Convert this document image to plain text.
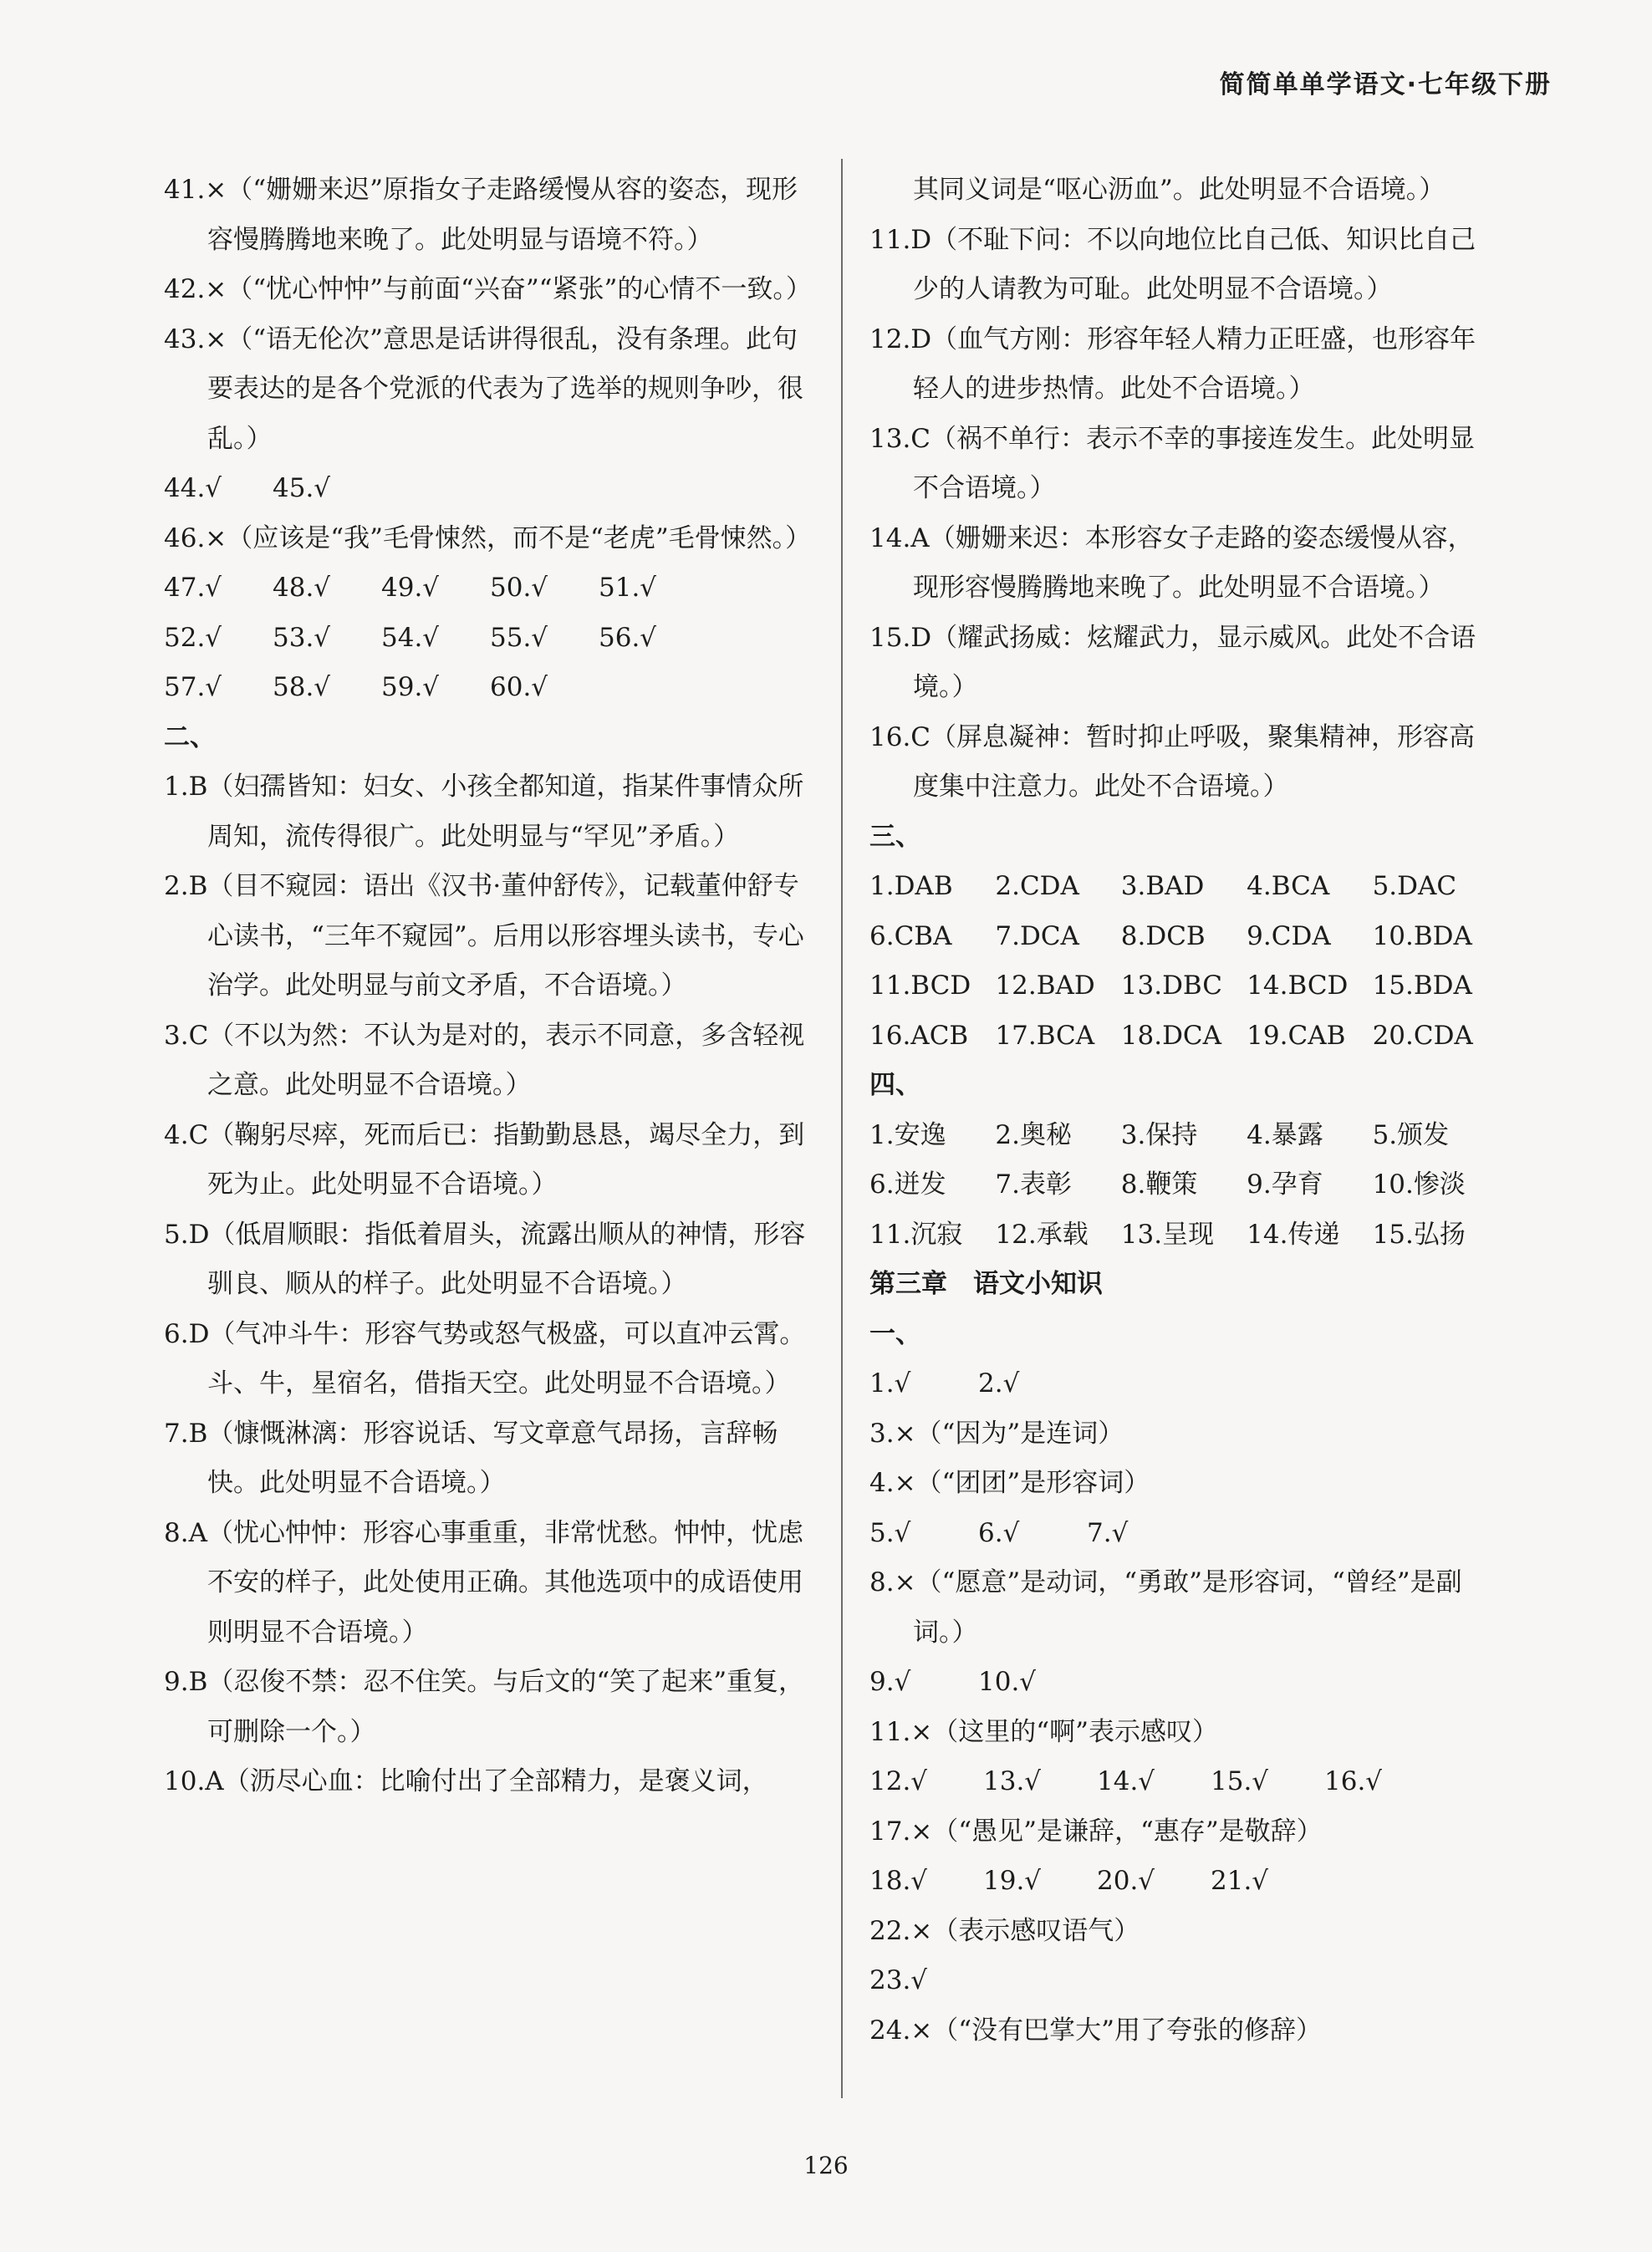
简简单单学语文·七年级下册

41.×（“姗姗来迟”原指女子走路缓慢从容的姿态，现形容慢腾腾地来晚了。此处明显与语境不符。）

42.×（“忧心忡忡”与前面“兴奋”“紧张”的心情不一致。）

43.×（“语无伦次”意思是话讲得很乱，没有条理。此句要表达的是各个党派的代表为了选举的规则争吵，很乱。）

44.√	45.√

46.×（应该是“我”毛骨悚然，而不是“老虎”毛骨悚然。）

47.√	48.√	49.√	50.√	51.√
52.√	53.√	54.√	55.√	56.√
57.√	58.√	59.√	60.√

二、

1.B（妇孺皆知：妇女、小孩全都知道，指某件事情众所周知，流传得很广。此处明显与“罕见”矛盾。）

2.B（目不窥园：语出《汉书·董仲舒传》，记载董仲舒专心读书，“三年不窥园”。后用以形容埋头读书，专心治学。此处明显与前文矛盾，不合语境。）

3.C（不以为然：不认为是对的，表示不同意，多含轻视之意。此处明显不合语境。）

4.C（鞠躬尽瘁，死而后已：指勤勤恳恳，竭尽全力，到死为止。此处明显不合语境。）

5.D（低眉顺眼：指低着眉头，流露出顺从的神情，形容驯良、顺从的样子。此处明显不合语境。）

6.D（气冲斗牛：形容气势或怒气极盛，可以直冲云霄。斗、牛，星宿名，借指天空。此处明显不合语境。）

7.B（慷慨淋漓：形容说话、写文章意气昂扬，言辞畅快。此处明显不合语境。）

8.A（忧心忡忡：形容心事重重，非常忧愁。忡忡，忧虑不安的样子，此处使用正确。其他选项中的成语使用则明显不合语境。）

9.B（忍俊不禁：忍不住笑。与后文的“笑了起来”重复，可删除一个。）

10.A（沥尽心血：比喻付出了全部精力，是褒义词，

其同义词是“呕心沥血”。此处明显不合语境。）

11.D（不耻下问：不以向地位比自己低、知识比自己少的人请教为可耻。此处明显不合语境。）

12.D（血气方刚：形容年轻人精力正旺盛，也形容年轻人的进步热情。此处不合语境。）

13.C（祸不单行：表示不幸的事接连发生。此处明显不合语境。）

14.A（姗姗来迟：本形容女子走路的姿态缓慢从容，现形容慢腾腾地来晚了。此处明显不合语境。）

15.D（耀武扬威：炫耀武力，显示威风。此处不合语境。）

16.C（屏息凝神：暂时抑止呼吸，聚集精神，形容高度集中注意力。此处不合语境。）

三、

1.DAB	2.CDA	3.BAD	4.BCA	5.DAC
6.CBA	7.DCA	8.DCB	9.CDA	10.BDA
11.BCD 12.BAD	13.DBC 14.BCD 15.BDA
16.ACB	17.BCA	18.DCA 19.CAB	20.CDA

四、

1.安逸	2.奥秘	3.保持	4.暴露	5.颁发
6.迸发	7.表彰	8.鞭策	9.孕育	10.惨淡
11.沉寂	12.承载	13.呈现	14.传递	15.弘扬

第三章　语文小知识

一、

1.√	2.√

3.×（“因为”是连词）

4.×（“团团”是形容词）

5.√	6.√	7.√

8.×（“愿意”是动词，“勇敢”是形容词，“曾经”是副词。）

9.√	10.√

11.×（这里的“啊”表示感叹）

12.√	13.√	14.√	15.√	16.√

17.×（“愚见”是谦辞，“惠存”是敬辞）

18.√	19.√	20.√	21.√

22.×（表示感叹语气）

23.√

24.×（“没有巴掌大”用了夸张的修辞）

126
